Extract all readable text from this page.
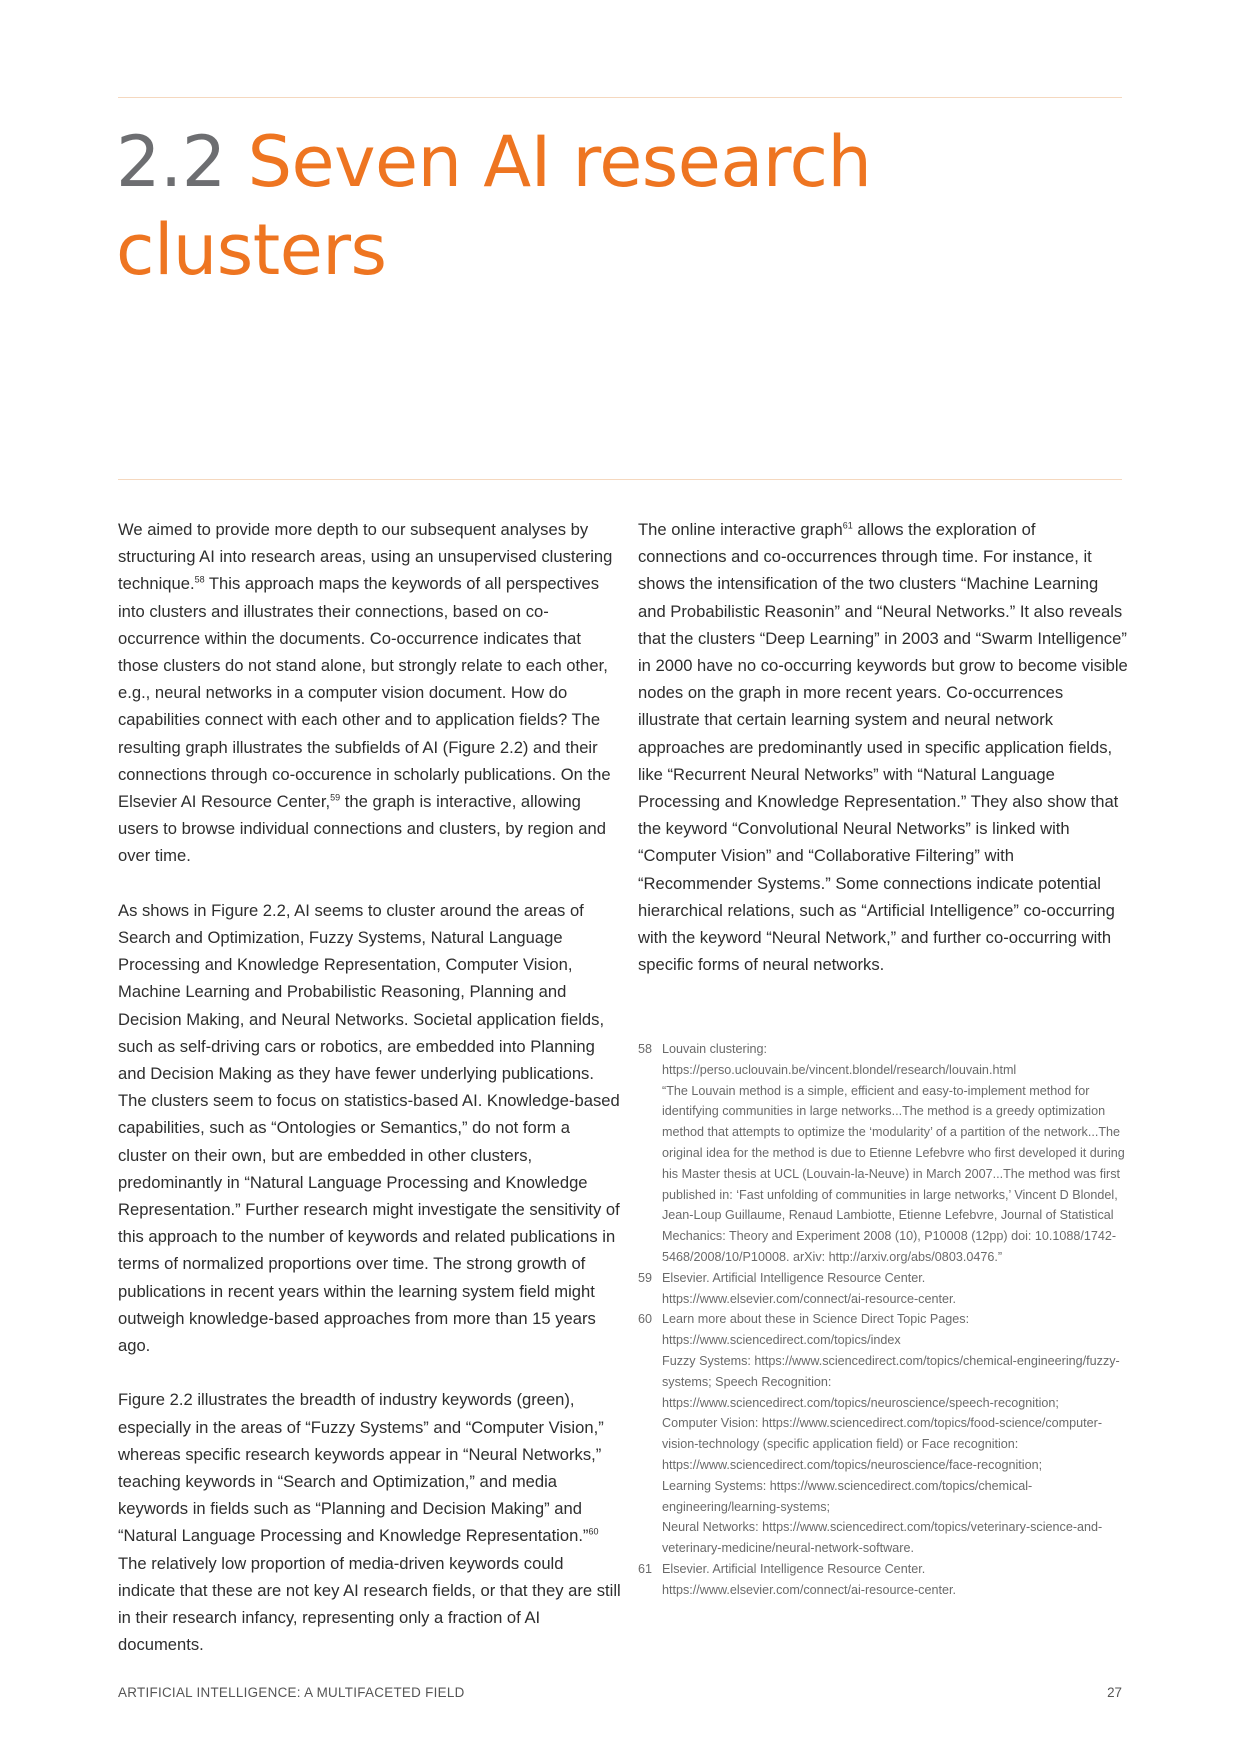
2.2 Seven AI research
clusters

We aimed to provide more depth to our subsequent analyses by structuring AI into research areas, using an unsupervised clustering technique.$^{58}$ This approach maps the keywords of all perspectives into clusters and illustrates their connections, based on co-occurrence within the documents. Co-occurrence indicates that those clusters do not stand alone, but strongly relate to each other, e.g., neural networks in a computer vision document. How do capabilities connect with each other and to application fields? The resulting graph illustrates the subfields of AI (Figure 2.2) and their connections through co-occurence in scholarly publications. On the Elsevier AI Resource Center,$^{59}$ the graph is interactive, allowing users to browse individual connections and clusters, by region and over time.

As shows in Figure 2.2, AI seems to cluster around the areas of Search and Optimization, Fuzzy Systems, Natural Language Processing and Knowledge Representation, Computer Vision, Machine Learning and Probabilistic Reasoning, Planning and Decision Making, and Neural Networks. Societal application fields, such as self-driving cars or robotics, are embedded into Planning and Decision Making as they have fewer underlying publications. The clusters seem to focus on statistics-based AI. Knowledge-based capabilities, such as “Ontologies or Semantics,” do not form a cluster on their own, but are embedded in other clusters, predominantly in “Natural Language Processing and Knowledge Representation.” Further research might investigate the sensitivity of this approach to the number of keywords and related publications in terms of normalized proportions over time. The strong growth of publications in recent years within the learning system field might outweigh knowledge-based approaches from more than 15 years ago.

Figure 2.2 illustrates the breadth of industry keywords (green), especially in the areas of “Fuzzy Systems” and “Computer Vision,” whereas specific research keywords appear in “Neural Networks,” teaching keywords in “Search and Optimization,” and media keywords in fields such as “Planning and Decision Making” and “Natural Language Processing and Knowledge Representation.”$^{60}$ The relatively low proportion of media-driven keywords could indicate that these are not key AI research fields, or that they are still in their research infancy, representing only a fraction of AI documents.

The online interactive graph$^{61}$ allows the exploration of connections and co-occurrences through time. For instance, it shows the intensification of the two clusters “Machine Learning and Probabilistic Reasonin” and “Neural Networks.” It also reveals that the clusters “Deep Learning” in 2003 and “Swarm Intelligence” in 2000 have no co-occurring keywords but grow to become visible nodes on the graph in more recent years. Co-occurrences illustrate that certain learning system and neural network approaches are predominantly used in specific application fields, like “Recurrent Neural Networks” with “Natural Language Processing and Knowledge Representation.” They also show that the keyword “Convolutional Neural Networks” is linked with “Computer Vision” and “Collaborative Filtering” with “Recommender Systems.” Some connections indicate potential hierarchical relations, such as “Artificial Intelligence” co-occurring with the keyword “Neural Network,” and further co-occurring with specific forms of neural networks.

58 Louvain clustering:
https://perso.uclouvain.be/vincent.blondel/research/louvain.html
“The Louvain method is a simple, efficient and easy-to-implement method for identifying communities in large networks...The method is a greedy optimization method that attempts to optimize the ‘modularity’ of a partition of the network...The original idea for the method is due to Etienne Lefebvre who first developed it during his Master thesis at UCL (Louvain-la-Neuve) in March 2007...The method was first published in: ‘Fast unfolding of communities in large networks,’ Vincent D Blondel, Jean-Loup Guillaume, Renaud Lambiotte, Etienne Lefebvre, Journal of Statistical Mechanics: Theory and Experiment 2008 (10), P10008 (12pp) doi: 10.1088/1742-5468/2008/10/P10008. arXiv: http://arxiv.org/abs/0803.0476.”
59 Elsevier. Artificial Intelligence Resource Center.
https://www.elsevier.com/connect/ai-resource-center.
60 Learn more about these in Science Direct Topic Pages:
https://www.sciencedirect.com/topics/index
Fuzzy Systems: https://www.sciencedirect.com/topics/chemical-engineering/fuzzy-systems; Speech Recognition:
https://www.sciencedirect.com/topics/neuroscience/speech-recognition;
Computer Vision: https://www.sciencedirect.com/topics/food-science/computer-vision-technology (specific application field) or Face recognition:
https://www.sciencedirect.com/topics/neuroscience/face-recognition;
Learning Systems: https://www.sciencedirect.com/topics/chemical-engineering/learning-systems;
Neural Networks: https://www.sciencedirect.com/topics/veterinary-science-and-veterinary-medicine/neural-network-software.
61 Elsevier. Artificial Intelligence Resource Center.
https://www.elsevier.com/connect/ai-resource-center.
ARTIFICIAL INTELLIGENCE: A MULTIFACETED FIELD	27
